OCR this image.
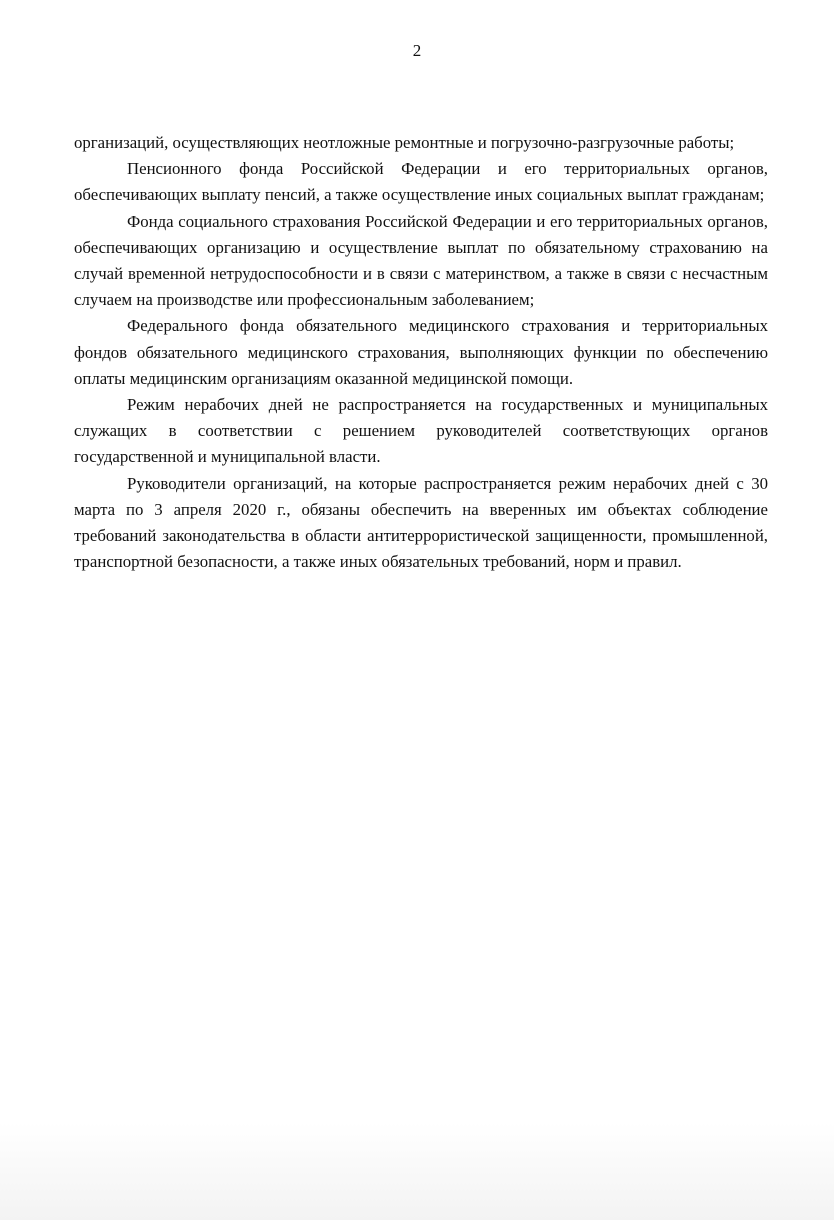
2

организаций, осуществляющих неотложные ремонтные и погрузочно-разгрузочные работы;

Пенсионного фонда Российской Федерации и его территориальных органов, обеспечивающих выплату пенсий, а также осуществление иных социальных выплат гражданам;

Фонда социального страхования Российской Федерации и его территориальных органов, обеспечивающих организацию и осуществление выплат по обязательному страхованию на случай временной нетрудоспособности и в связи с материнством, а также в связи с несчастным случаем на производстве или профессиональным заболеванием;

Федерального фонда обязательного медицинского страхования и территориальных фондов обязательного медицинского страхования, выполняющих функции по обеспечению оплаты медицинским организациям оказанной медицинской помощи.

Режим нерабочих дней не распространяется на государственных и муниципальных служащих в соответствии с решением руководителей соответствующих органов государственной и муниципальной власти.

Руководители организаций, на которые распространяется режим нерабочих дней с 30 марта по 3 апреля 2020 г., обязаны обеспечить на вверенных им объектах соблюдение требований законодательства в области антитеррористической защищенности, промышленной, транспортной безопасности, а также иных обязательных требований, норм и правил.
